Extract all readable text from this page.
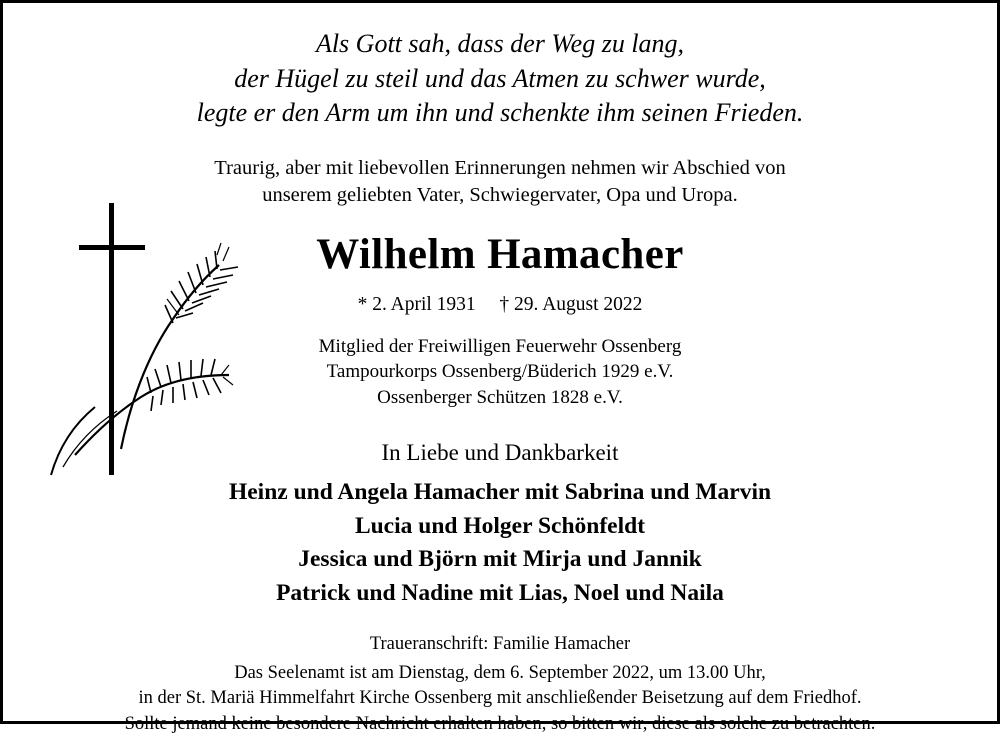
Als Gott sah, dass der Weg zu lang,
der Hügel zu steil und das Atmen zu schwer wurde,
legte er den Arm um ihn und schenkte ihm seinen Frieden.
Traurig, aber mit liebevollen Erinnerungen nehmen wir Abschied von
unserem geliebten Vater, Schwiegervater, Opa und Uropa.
Wilhelm Hamacher
* 2. April 1931 † 29. August 2022
Mitglied der Freiwilligen Feuerwehr Ossenberg
Tampourkorps Ossenberg/Büderich 1929 e.V.
Ossenberger Schützen 1828 e.V.
In Liebe und Dankbarkeit
Heinz und Angela Hamacher mit Sabrina und Marvin
Lucia und Holger Schönfeldt
Jessica und Björn mit Mirja und Jannik
Patrick und Nadine mit Lias, Noel und Naila
Traueranschrift: Familie Hamacher
Das Seelenamt ist am Dienstag, dem 6. September 2022, um 13.00 Uhr,
in der St. Mariä Himmelfahrt Kirche Ossenberg mit anschließender Beisetzung auf dem Friedhof.
Sollte jemand keine besondere Nachricht erhalten haben, so bitten wir, diese als solche zu betrachten.
